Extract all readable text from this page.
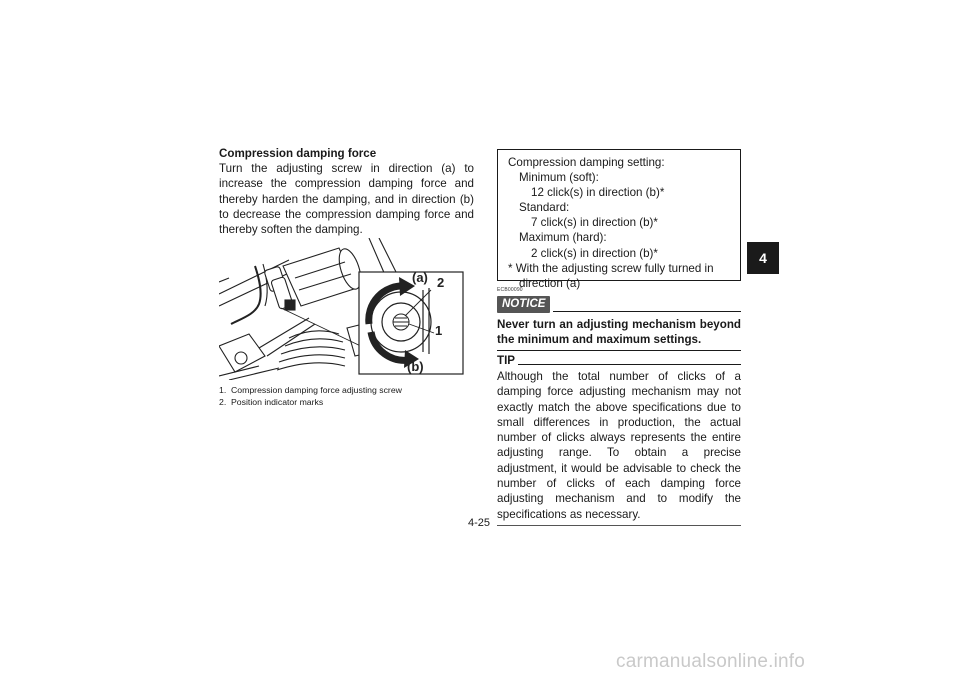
4
Compression damping force
Turn the adjusting screw in direction (a) to increase the compression damping force and thereby harden the damping, and in direction (b) to decrease the compression damping force and thereby soften the damping.
(a) 2
1
(b)
1. Compression damping force adjusting screw
2. Position indicator marks
Compression damping setting:
Minimum (soft):
12 click(s) in direction (b)*
Standard:
7 click(s) in direction (b)*
Maximum (hard):
2 click(s) in direction (b)*
* With the adjusting screw fully turned in direction (a)
ECB00090
NOTICE
Never turn an adjusting mechanism beyond the minimum and maximum settings.
TIP
Although the total number of clicks of a damping force adjusting mechanism may not exactly match the above specifications due to small differences in production, the actual number of clicks always represents the entire adjusting range. To obtain a precise adjustment, it would be advisable to check the number of clicks of each damping force adjusting mechanism and to modify the specifications as necessary.
4-25
carmanualsonline.info
